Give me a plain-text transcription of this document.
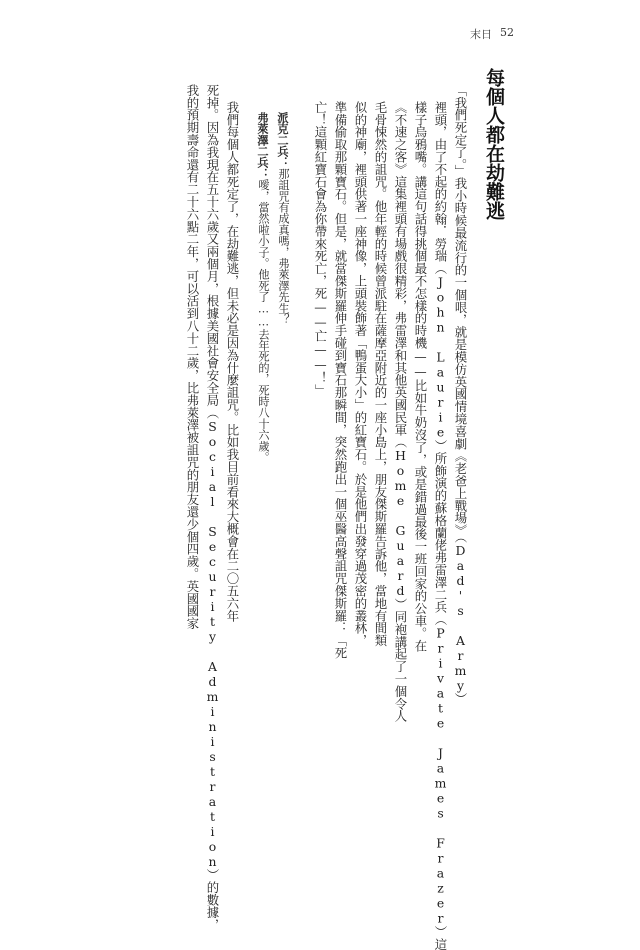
末日 52
每個人都在劫難逃
「我們死定了。」我小時候最流行的一個哏，就是模仿英國情境喜劇《老爸上戰場》（Dad's Army）
裡頭，由了不起的約翰．勞瑞（John Laurie）所飾演的蘇格蘭佬弗雷澤二兵（Private James Frazer）這
樣子烏鴉嘴。講這句話得挑個最不怎樣的時機——比如牛奶沒了，或是錯過最後一班回家的公車。在
《不速之客》這集裡頭有場戲很精彩，弗雷澤和其他英國民軍（Home Guard）同袍講起了一個令人
毛骨悚然的詛咒。他年輕的時候曾派駐在薩摩亞附近的一座小島上，朋友傑斯羅告訴他，當地有間類
似的神廟，裡頭供著一座神像，上頭裝飾著「鴨蛋大小」的紅寶石。於是他們出發穿過茂密的叢林，
準備偷取那顆寶石。但是，就當傑斯羅伸手碰到寶石那瞬間，突然跑出一個巫醫高聲詛咒傑斯羅：「死
亡！這顆紅寶石會為你帶來死亡，死——亡——！」
派克二兵：那詛咒有成真嗎，弗萊澤先生？
弗萊澤二兵：噯，當然啦小子。他死了……去年死的，死時八十六歲。
我們每個人都死定了，在劫難逃，但未必是因為什麼詛咒。比如我目前看來大概會在二〇五六年
死掉。因為我現在五十六歲又兩個月，根據美國社會安全局（Social Security Administration）的數據，
我的預期壽命還有二十六點二年，可以活到八十二歲，比弗萊澤被詛咒的朋友還少個四歲。英國國家
